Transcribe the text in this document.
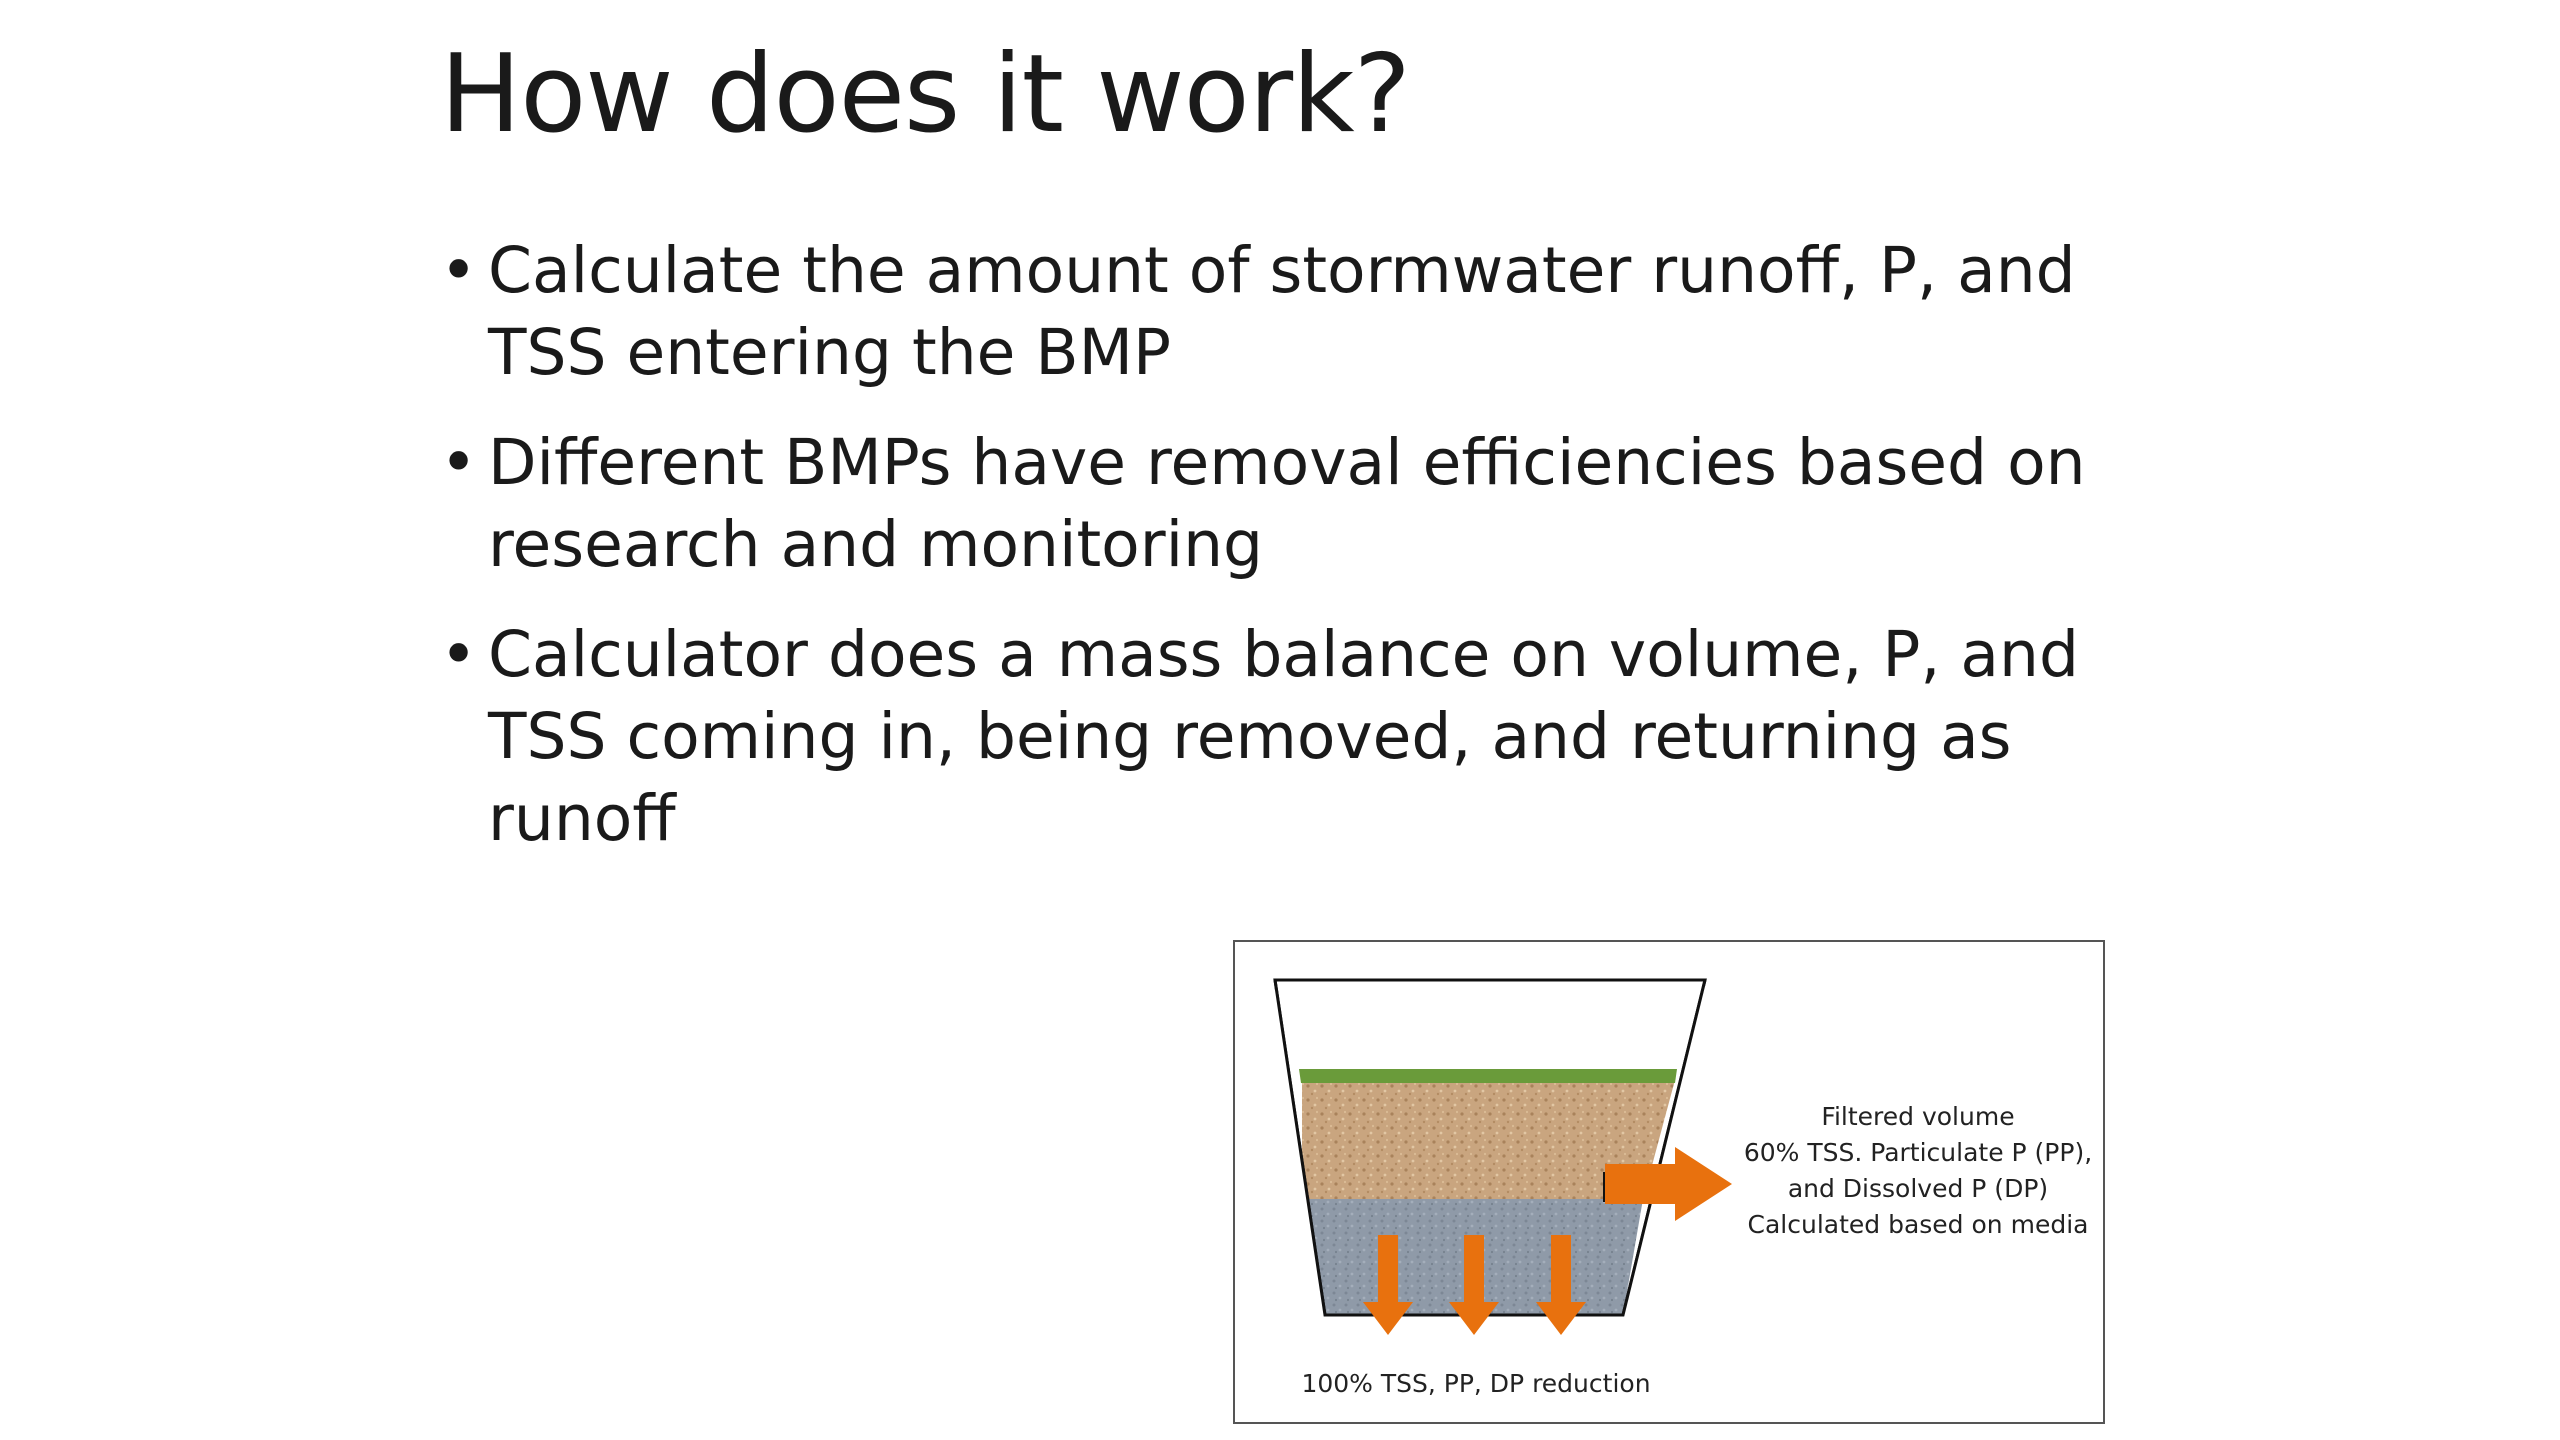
How does it work?
• Calculate the amount of stormwater runoff, P, and TSS entering the BMP
• Different BMPs have removal efficiencies based on research and monitoring
• Calculator does a mass balance on volume, P, and TSS coming in, being removed, and returning as runoff
Filtered volume
60% TSS. Particulate P (PP),
and Dissolved P (DP)
Calculated based on media
100% TSS, PP, DP reduction
